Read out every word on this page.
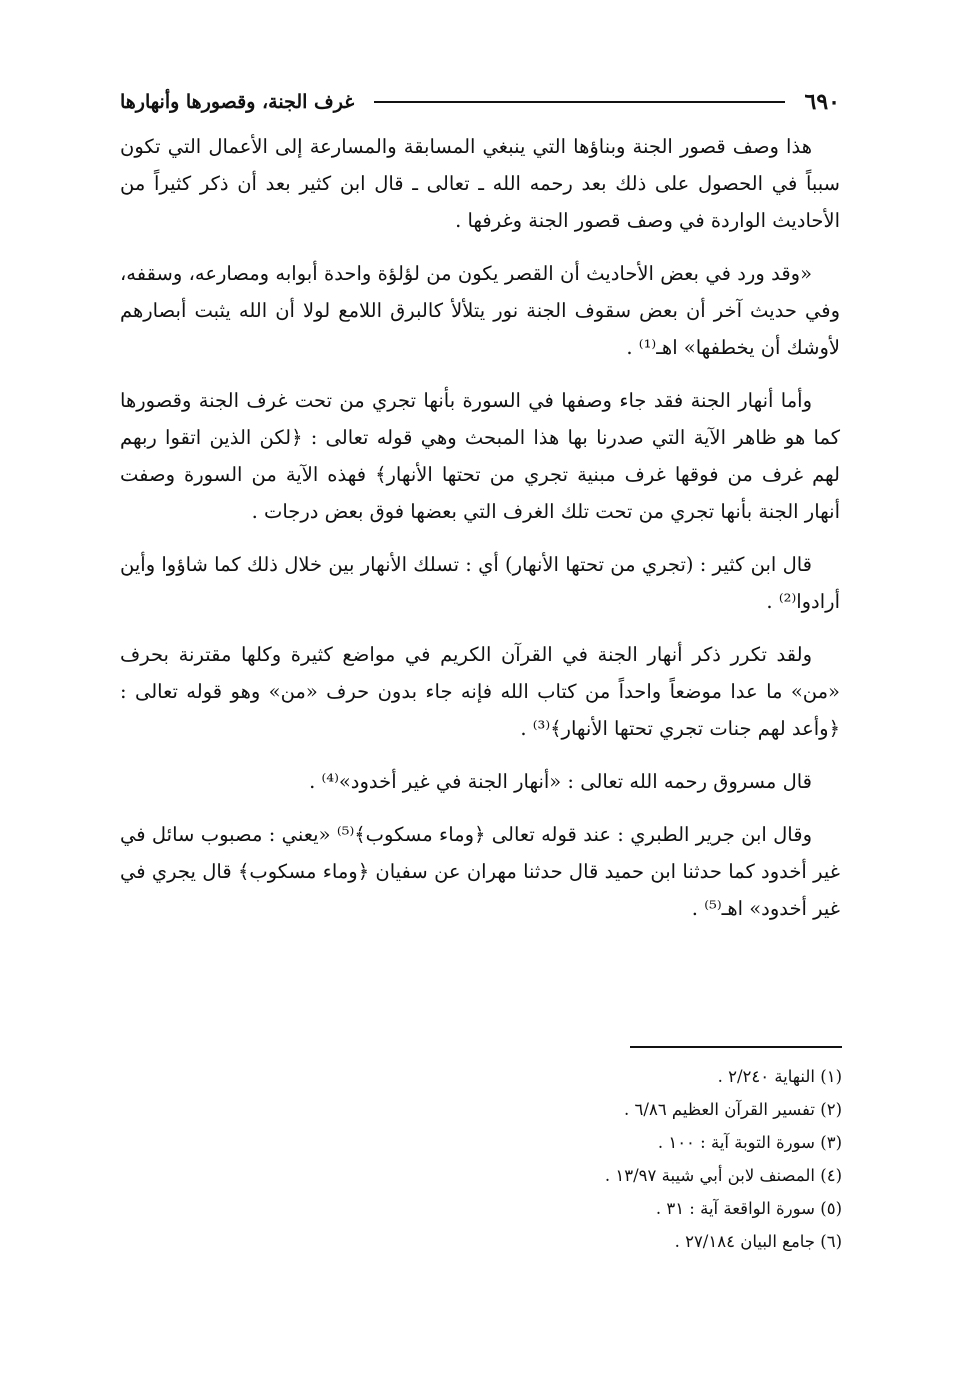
٦٩٠
غرف الجنة، وقصورها وأنهارها

هذا وصف قصور الجنة وبناؤها التي ينبغي المسابقة والمسارعة إلى الأعمال التي تكون سبباً في الحصول على ذلك بعد رحمه الله ـ تعالى ـ قال ابن كثير بعد أن ذكر كثيراً من الأحاديث الواردة في وصف قصور الجنة وغرفها .

«وقد ورد في بعض الأحاديث أن القصر يكون من لؤلؤة واحدة أبوابه ومصارعه، وسقفه، وفي حديث آخر أن بعض سقوف الجنة نور يتلألأ كالبرق اللامع لولا أن الله يثبت أبصارهم لأوشك أن يخطفها» اهـ⁽¹⁾ .

وأما أنهار الجنة فقد جاء وصفها في السورة بأنها تجري من تحت غرف الجنة وقصورها كما هو ظاهر الآية التي صدرنا بها هذا المبحث وهي قوله تعالى : ﴿لكن الذين اتقوا ربهم لهم غرف من فوقها غرف مبنية تجري من تحتها الأنهار﴾ فهذه الآية من السورة وصفت أنهار الجنة بأنها تجري من تحت تلك الغرف التي بعضها فوق بعض درجات .

قال ابن كثير : (تجري من تحتها الأنهار) أي : تسلك الأنهار بين خلال ذلك كما شاؤوا وأين أرادوا⁽²⁾ .

ولقد تكرر ذكر أنهار الجنة في القرآن الكريم في مواضع كثيرة وكلها مقترنة بحرف «من» ما عدا موضعاً واحداً من كتاب الله فإنه جاء بدون حرف «من» وهو قوله تعالى : ﴿وأعد لهم جنات تجري تحتها الأنهار﴾⁽³⁾ .

قال مسروق رحمه الله تعالى : «أنهار الجنة في غير أخدود»⁽⁴⁾ .

وقال ابن جرير الطبري : عند قوله تعالى ﴿وماء مسكوب﴾⁽⁵⁾ «يعني : مصبوب سائل في غير أخدود كما حدثنا ابن حميد قال حدثنا مهران عن سفيان ﴿وماء مسكوب﴾ قال يجري في غير أخدود» اهـ⁽⁵⁾ .

(١) النهاية ٢/٢٤٠ .

(٢) تفسير القرآن العظيم ٦/٨٦ .

(٣) سورة التوبة آية : ١٠٠ .

(٤) المصنف لابن أبي شيبة ١٣/٩٧ .

(٥) سورة الواقعة آية : ٣١ .

(٦) جامع البيان ٢٧/١٨٤ .
